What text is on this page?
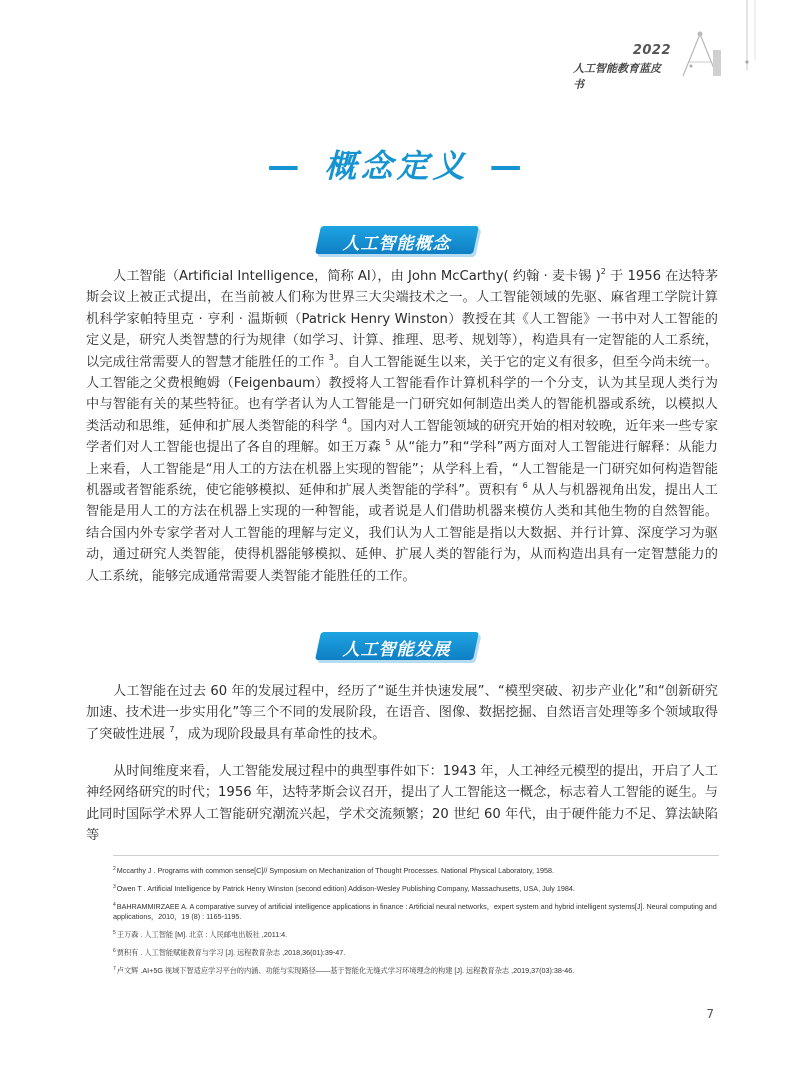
2022
人工智能教育蓝皮书
— 概念定义 —
人工智能概念

人工智能（Artificial Intelligence，简称 AI），由 John McCarthy( 约翰 · 麦卡锡 )$^2$ 于 1956 在达特茅斯会议上被正式提出，在当前被人们称为世界三大尖端技术之一。人工智能领域的先驱、麻省理工学院计算机科学家帕特里克 · 亨利 · 温斯顿（Patrick Henry Winston）教授在其《人工智能》一书中对人工智能的定义是，研究人类智慧的行为规律（如学习、计算、推理、思考、规划等），构造具有一定智能的人工系统，以完成往常需要人的智慧才能胜任的工作 $^3$。自人工智能诞生以来，关于它的定义有很多，但至今尚未统一。人工智能之父费根鲍姆（Feigenbaum）教授将人工智能看作计算机科学的一个分支，认为其呈现人类行为中与智能有关的某些特征。也有学者认为人工智能是一门研究如何制造出类人的智能机器或系统，以模拟人类活动和思维，延伸和扩展人类智能的科学 $^4$。国内对人工智能领域的研究开始的相对较晚，近年来一些专家学者们对人工智能也提出了各自的理解。如王万森 $^5$ 从“能力”和“学科”两方面对人工智能进行解释：从能力上来看，人工智能是“用人工的方法在机器上实现的智能”；从学科上看，“人工智能是一门研究如何构造智能机器或者智能系统，使它能够模拟、延伸和扩展人类智能的学科”。贾积有 $^6$ 从人与机器视角出发，提出人工智能是用人工的方法在机器上实现的一种智能，或者说是人们借助机器来模仿人类和其他生物的自然智能。结合国内外专家学者对人工智能的理解与定义，我们认为人工智能是指以大数据、并行计算、深度学习为驱动，通过研究人类智能，使得机器能够模拟、延伸、扩展人类的智能行为，从而构造出具有一定智慧能力的人工系统，能够完成通常需要人类智能才能胜任的工作。

人工智能发展

人工智能在过去 60 年的发展过程中，经历了“诞生并快速发展”、“模型突破、初步产业化”和“创新研究加速、技术进一步实用化”等三个不同的发展阶段，在语音、图像、数据挖掘、自然语言处理等多个领域取得了突破性进展 $^7$，成为现阶段最具有革命性的技术。

从时间维度来看，人工智能发展过程中的典型事件如下：1943 年，人工神经元模型的提出，开启了人工神经网络研究的时代；1956 年，达特茅斯会议召开，提出了人工智能这一概念，标志着人工智能的诞生。与此同时国际学术界人工智能研究潮流兴起，学术交流频繁；20 世纪 60 年代，由于硬件能力不足、算法缺陷等

$^2$Mccarthy J . Programs with common sense[C]// Symposium on Mechanization of Thought Processes. National Physical Laboratory, 1958.
$^3$Owen T . Artificial Intelligence by Patrick Henry Winston (second edition) Addison-Wesley Publishing Company, Massachusetts, USA, July 1984.
$^4$BAHRAMMIRZAEE A. A comparative survey of artificial intelligence applications in finance : Artificial neural networks，expert system and hybrid intelligent systems[J]. Neural computing and applications，2010，19 (8) : 1165-1195.
$^5$王万森 . 人工智能 [M]. 北京 : 人民邮电出版社 ,2011:4.
$^6$贾积有 . 人工智能赋能教育与学习 [J]. 远程教育杂志 ,2018,36(01):39-47.
$^7$卢文辉 .AI+5G 视域下智适应学习平台的内涵、功能与实现路径——基于智能化无缝式学习环境理念的构建 [J]. 远程教育杂志 ,2019,37(03):38-46.
7
